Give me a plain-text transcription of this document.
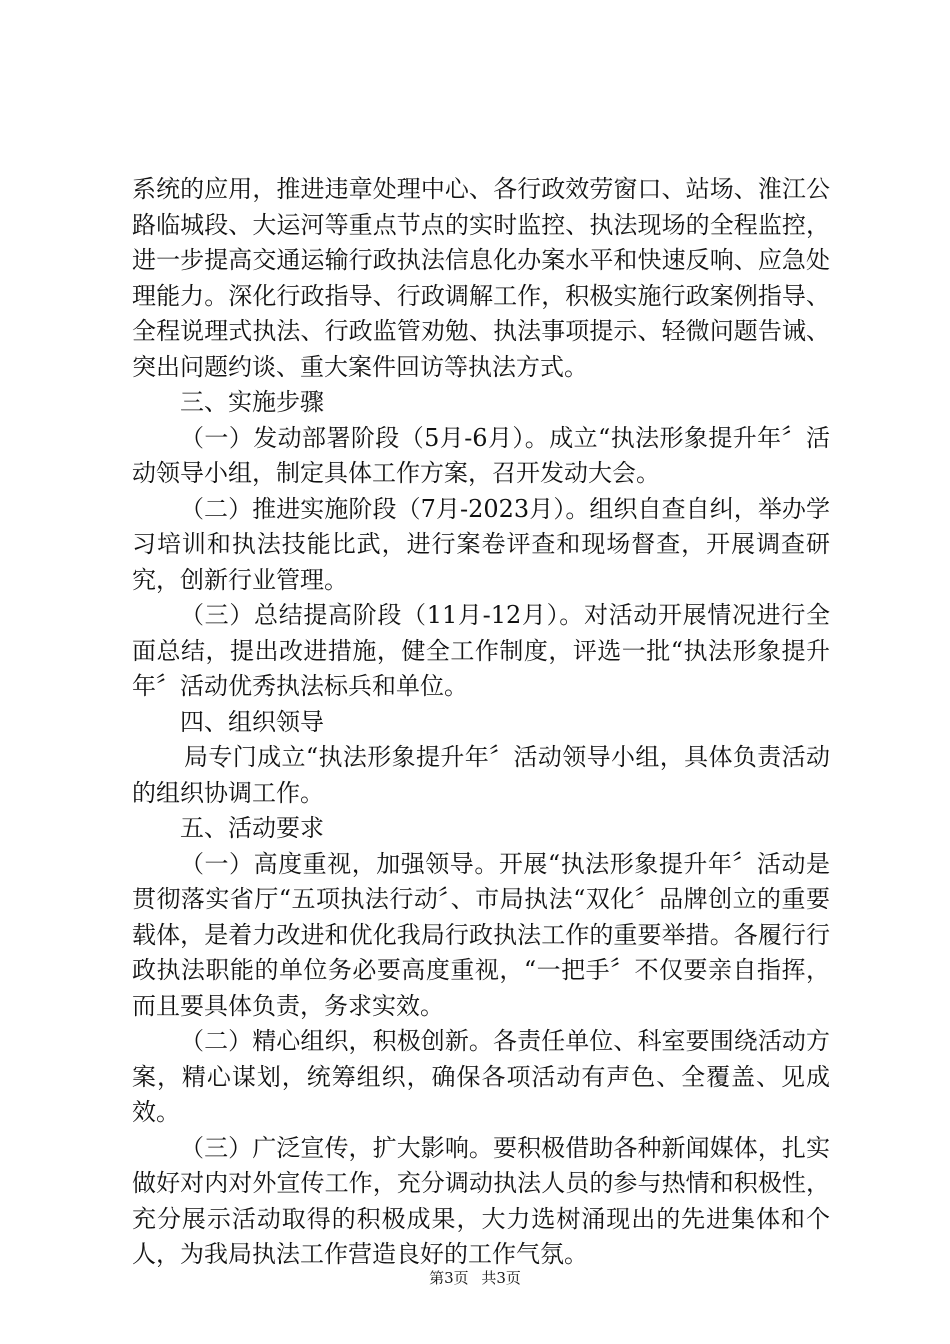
系统的应用，推进违章处理中心、各行政效劳窗口、站场、淮江公路临城段、大运河等重点节点的实时监控、执法现场的全程监控，进一步提高交通运输行政执法信息化办案水平和快速反响、应急处理能力。深化行政指导、行政调解工作，积极实施行政案例指导、全程说理式执法、行政监管劝勉、执法事项提示、轻微问题告诫、突出问题约谈、重大案件回访等执法方式。

三、实施步骤

（一）发动部署阶段（5月-6月）。成立“执法形象提升年〞活动领导小组，制定具体工作方案，召开发动大会。

（二）推进实施阶段（7月-2023月）。组织自查自纠，举办学习培训和执法技能比武，进行案卷评查和现场督查，开展调查研究，创新行业管理。

（三）总结提高阶段（11月-12月）。对活动开展情况进行全面总结，提出改进措施，健全工作制度，评选一批“执法形象提升年〞活动优秀执法标兵和单位。

四、组织领导

局专门成立“执法形象提升年〞活动领导小组，具体负责活动的组织协调工作。

五、活动要求

（一）高度重视，加强领导。开展“执法形象提升年〞活动是贯彻落实省厅“五项执法行动〞、市局执法“双化〞品牌创立的重要载体，是着力改进和优化我局行政执法工作的重要举措。各履行行政执法职能的单位务必要高度重视，“一把手〞不仅要亲自指挥，而且要具体负责，务求实效。

（二）精心组织，积极创新。各责任单位、科室要围绕活动方案，精心谋划，统筹组织，确保各项活动有声色、全覆盖、见成效。

（三）广泛宣传，扩大影响。要积极借助各种新闻媒体，扎实做好对内对外宣传工作，充分调动执法人员的参与热情和积极性，充分展示活动取得的积极成果，大力选树涌现出的先进集体和个人，为我局执法工作营造良好的工作气氛。

第3页 共3页
